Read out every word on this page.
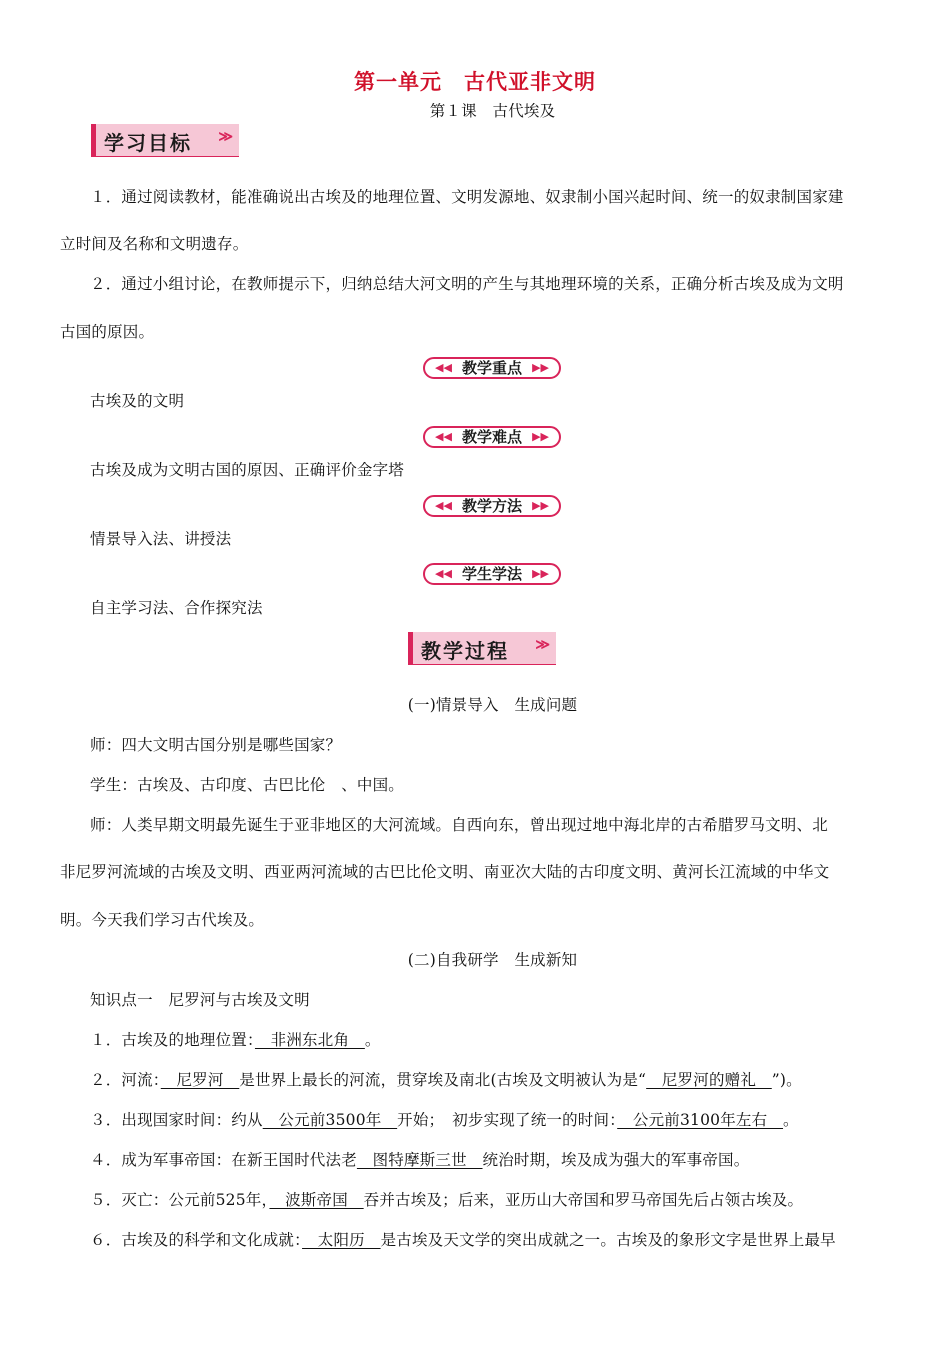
第一单元　古代亚非文明
第１课　古代埃及
学习目标 ≫
１．通过阅读教材，能准确说出古埃及的地理位置、文明发源地、奴隶制小国兴起时间、统一的奴隶制国家建
立时间及名称和文明遗存。
２．通过小组讨论，在教师提示下，归纳总结大河文明的产生与其地理环境的关系，正确分析古埃及成为文明
古国的原因。
◀◀ 教学重点 ▶▶
古埃及的文明
◀◀ 教学难点 ▶▶
古埃及成为文明古国的原因、正确评价金字塔
◀◀ 教学方法 ▶▶
情景导入法、讲授法
◀◀ 学生学法 ▶▶
自主学习法、合作探究法
教学过程 ≫
(一)情景导入　生成问题
师：四大文明古国分别是哪些国家？
学生：古埃及、古印度、古巴比伦　、中国。
师：人类早期文明最先诞生于亚非地区的大河流域。自西向东，曾出现过地中海北岸的古希腊罗马文明、北
非尼罗河流域的古埃及文明、西亚两河流域的古巴比伦文明、南亚次大陆的古印度文明、黄河长江流域的中华文
明。今天我们学习古代埃及。
(二)自我研学　生成新知
知识点一　尼罗河与古埃及文明
１．古埃及的地理位置：　非洲东北角　。
２．河流：　尼罗河　是世界上最长的河流，贯穿埃及南北(古埃及文明被认为是“　尼罗河的赠礼　”)。
３．出现国家时间：约从　公元前3500年　开始；　初步实现了统一的时间：　公元前3100年左右　。
４．成为军事帝国：在新王国时代法老　图特摩斯三世　统治时期，埃及成为强大的军事帝国。
５．灭亡：公元前525年，　波斯帝国　吞并古埃及；后来，亚历山大帝国和罗马帝国先后占领古埃及。
６．古埃及的科学和文化成就：　太阳历　是古埃及天文学的突出成就之一。古埃及的象形文字是世界上最早
